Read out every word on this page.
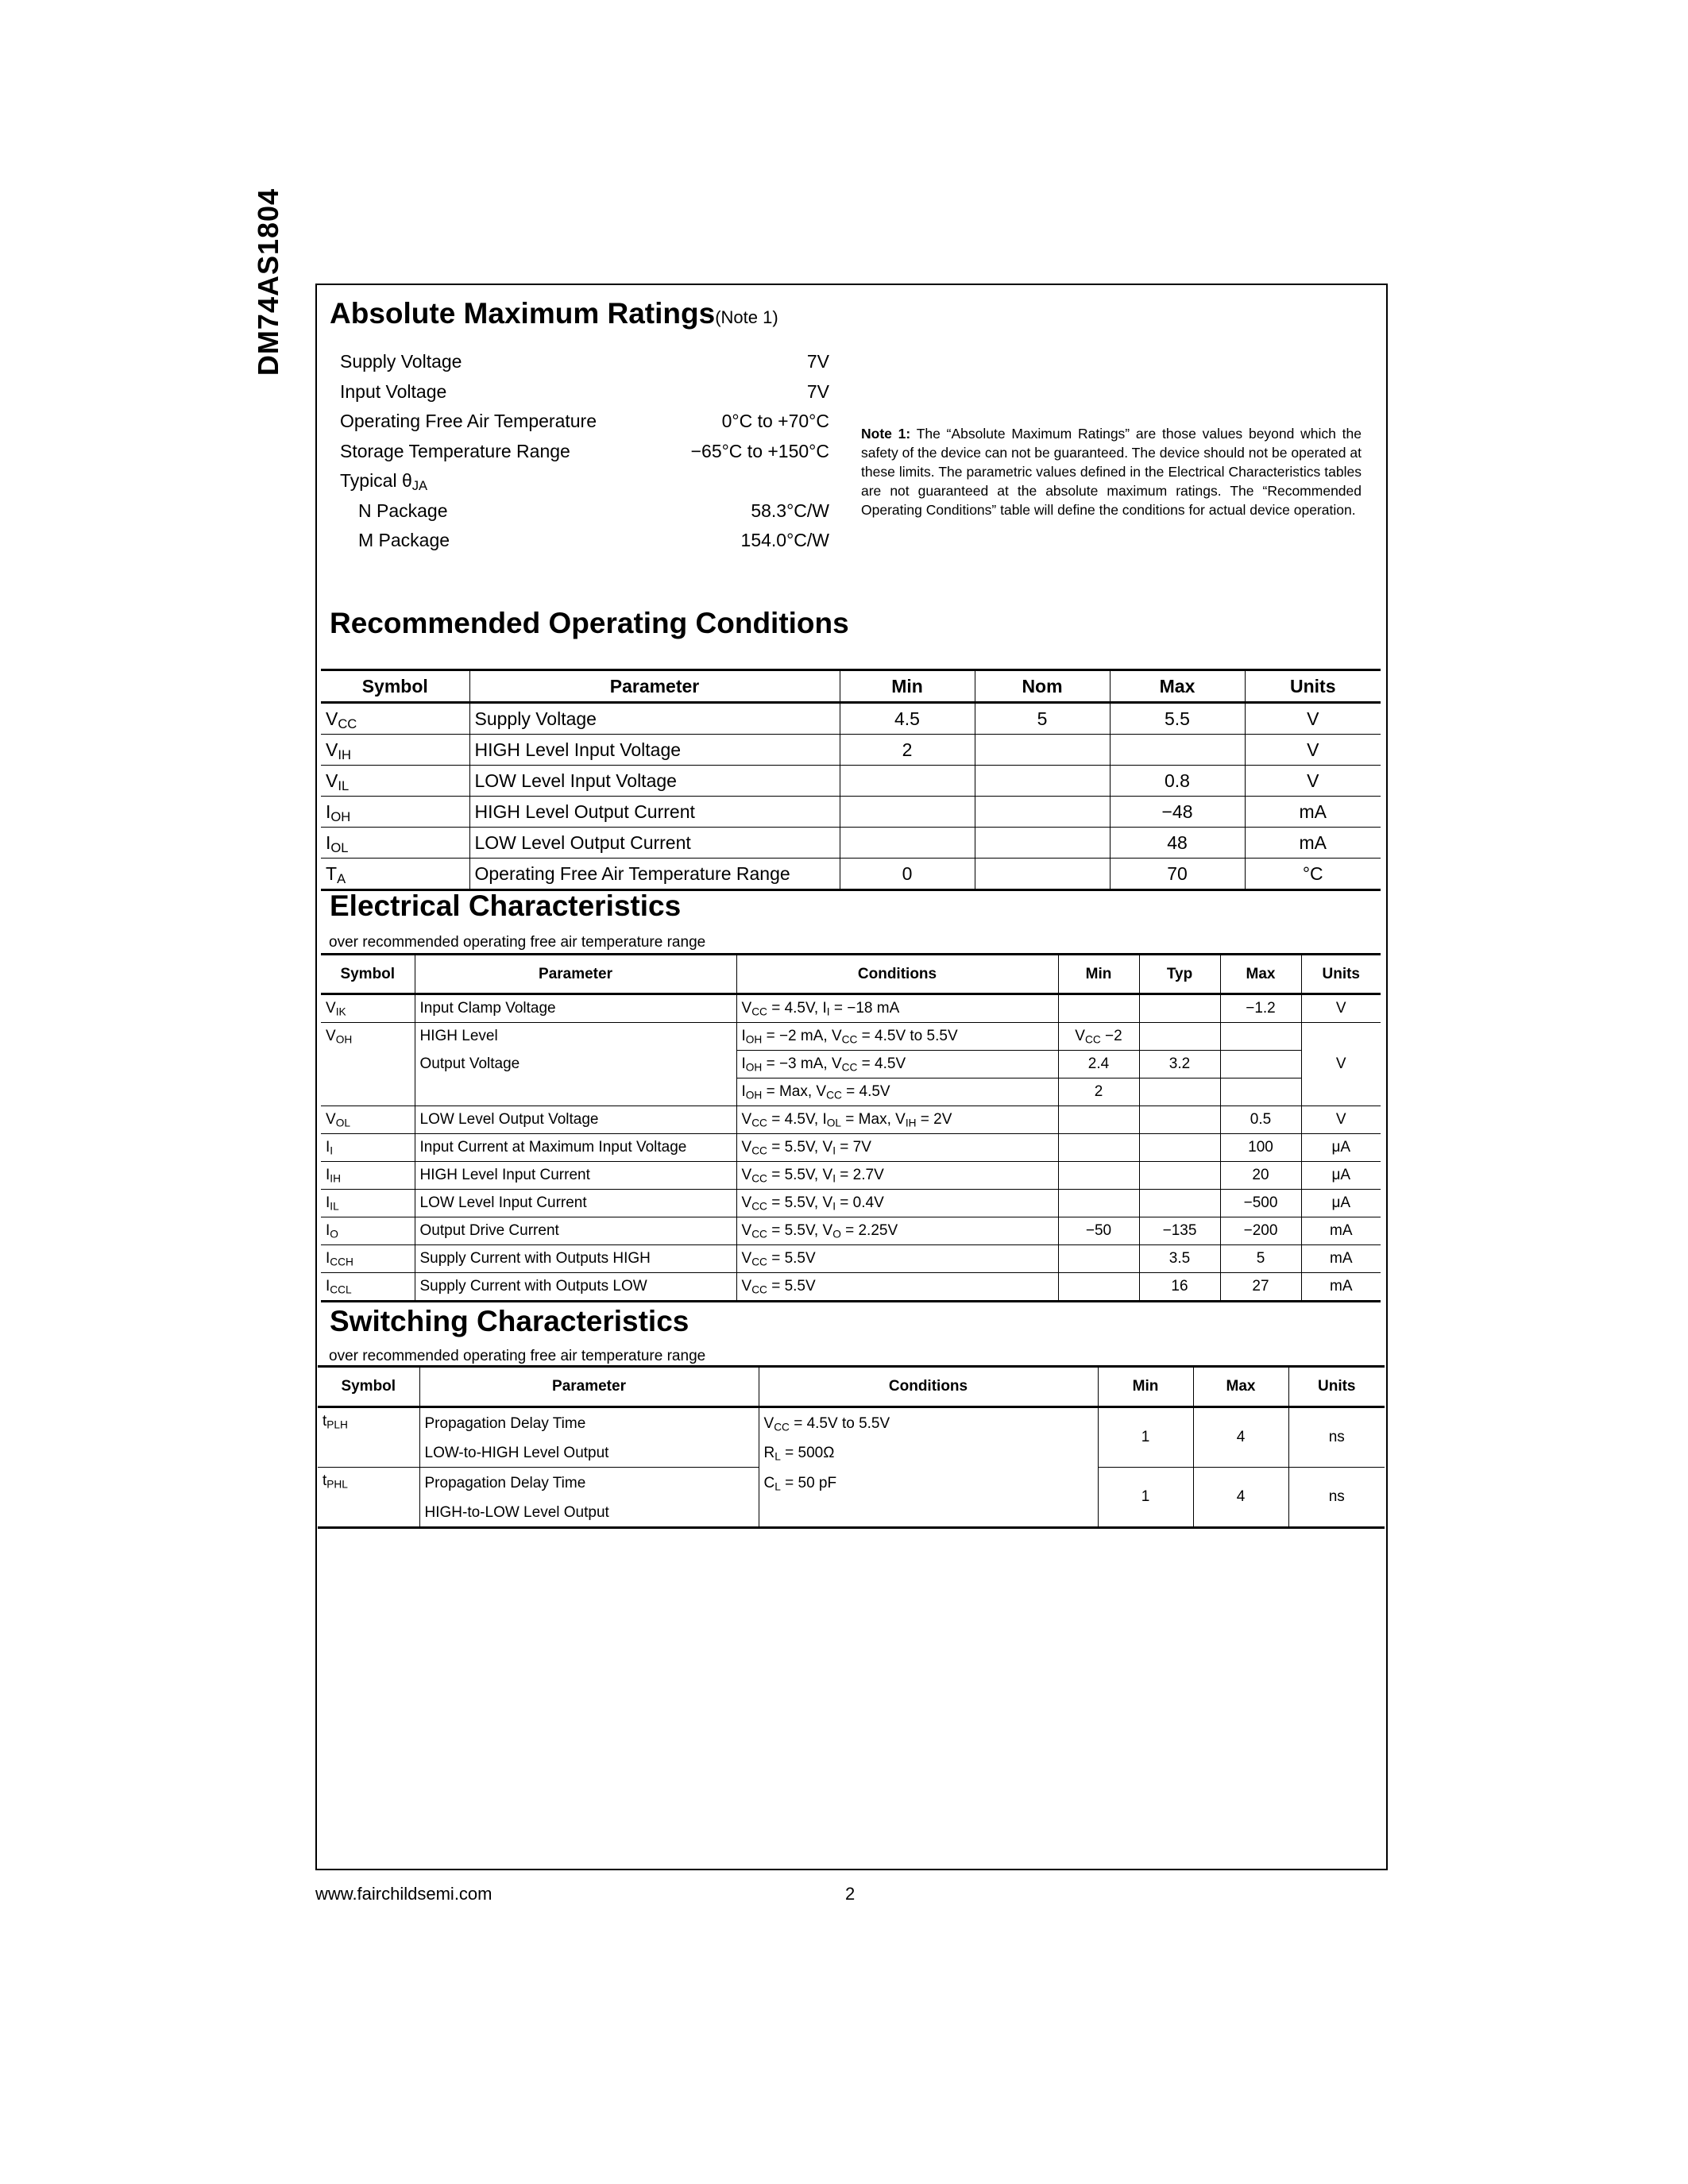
DM74AS1804 Absolute Maximum Ratings(Note 1)
Supply Voltage	7V
Input Voltage	7V
Operating Free Air Temperature	0°C to +70°C
Storage Temperature Range	−65°C to +150°C
Typical $\theta_{JA}$
N Package	58.3°C/W
M Package	154.0°C/W
Note 1: The “Absolute Maximum Ratings” are those values beyond which the safety of the device can not be guaranteed. The device should not be operated at these limits. The parametric values defined in the Electrical Characteristics tables are not guaranteed at the absolute maximum ratings. The “Recommended Operating Conditions” table will define the conditions for actual device operation.
Recommended Operating Conditions
Symbol	Parameter	Min	Nom	Max	Units
$V_{CC}$	Supply Voltage	4.5	5	5.5	V
$V_{IH}$	HIGH Level Input Voltage	2			V
$V_{IL}$	LOW Level Input Voltage			0.8	V
$I_{OH}$	HIGH Level Output Current			−48	mA
$I_{OL}$	LOW Level Output Current			48	mA
$T_A$	Operating Free Air Temperature Range	0		70	°C
Electrical Characteristics
over recommended operating free air temperature range
Symbol	Parameter	Conditions	Min	Typ	Max	Units
$V_{IK}$	Input Clamp Voltage	$V_{CC} = 4.5V$, $I_I = -18$ mA			−1.2	V
$V_{OH}$	HIGH Level	$I_{OH} = -2$ mA, $V_{CC} = 4.5V$ to 5.5V	$V_{CC} -2$			V
	Output Voltage	$I_{OH} = -3$ mA, $V_{CC} = 4.5V$	2.4	3.2		
		$I_{OH}$ = Max, $V_{CC} = 4.5V$	2			
$V_{OL}$	LOW Level Output Voltage	$V_{CC} = 4.5V$, $I_{OL}$ = Max, $V_{IH} = 2V$			0.5	V
$I_I$	Input Current at Maximum Input Voltage	$V_{CC} = 5.5V$, $V_I = 7V$			100	μA
$I_{IH}$	HIGH Level Input Current	$V_{CC} = 5.5V$, $V_I = 2.7V$			20	μA
$I_{IL}$	LOW Level Input Current	$V_{CC} = 5.5V$, $V_I = 0.4V$			−500	μA
$I_O$	Output Drive Current	$V_{CC} = 5.5V$, $V_O = 2.25V$	−50	−135	−200	mA
$I_{CCH}$	Supply Current with Outputs HIGH	$V_{CC} = 5.5V$		3.5	5	mA
$I_{CCL}$	Supply Current with Outputs LOW	$V_{CC} = 5.5V$		16	27	mA
Switching Characteristics
over recommended operating free air temperature range
Symbol	Parameter	Conditions	Min	Max	Units
$t_{PLH}$	Propagation Delay Time	$V_{CC} = 4.5V$ to 5.5V	1	4	ns
	LOW-to-HIGH Level Output	$R_L = 500\Omega$			
$t_{PHL}$	Propagation Delay Time	$C_L = 50$ pF	1	4	ns
	HIGH-to-LOW Level Output				
www.fairchildsemi.com	2
